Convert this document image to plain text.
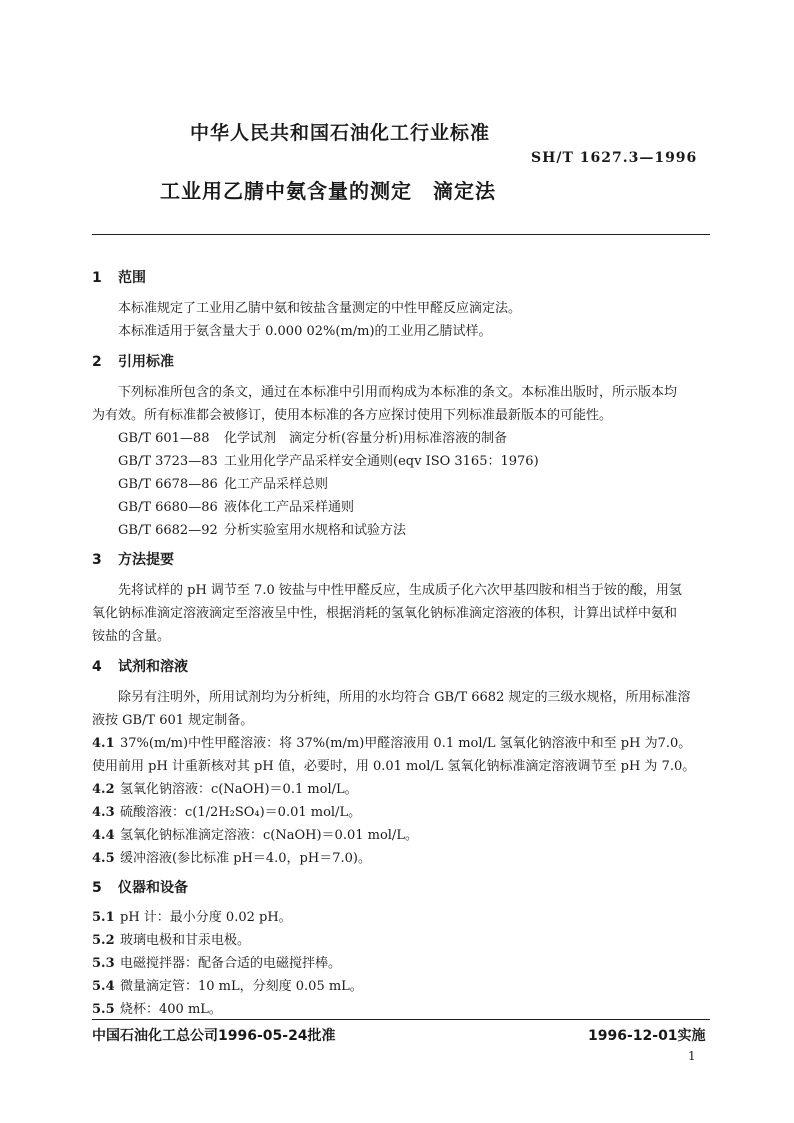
中华人民共和国石油化工行业标准
SH/T 1627.3—1996
工业用乙腈中氨含量的测定　滴定法
1 范围
本标准规定了工业用乙腈中氨和铵盐含量测定的中性甲醛反应滴定法。
本标准适用于氨含量大于 0.000 02%(m/m)的工业用乙腈试样。
2 引用标准
下列标准所包含的条文，通过在本标准中引用而构成为本标准的条文。本标准出版时，所示版本均
为有效。所有标准都会被修订，使用本标准的各方应探讨使用下列标准最新版本的可能性。
GB/T 601—88 化学试剂　滴定分析(容量分析)用标准溶液的制备
GB/T 3723—83 工业用化学产品采样安全通则(eqv ISO 3165：1976)
GB/T 6678—86 化工产品采样总则
GB/T 6680—86 液体化工产品采样通则
GB/T 6682—92 分析实验室用水规格和试验方法
3 方法提要
先将试样的 pH 调节至 7.0 铵盐与中性甲醛反应，生成质子化六次甲基四胺和相当于铵的酸，用氢
氧化钠标准滴定溶液滴定至溶液呈中性，根据消耗的氢氧化钠标准滴定溶液的体积，计算出试样中氨和
铵盐的含量。
4 试剂和溶液
除另有注明外，所用试剂均为分析纯，所用的水均符合 GB/T 6682 规定的三级水规格，所用标准溶
液按 GB/T 601 规定制备。
4.1 37%(m/m)中性甲醛溶液：将 37%(m/m)甲醛溶液用 0.1 mol/L 氢氧化钠溶液中和至 pH 为7.0。
使用前用 pH 计重新核对其 pH 值，必要时，用 0.01 mol/L 氢氧化钠标准滴定溶液调节至 pH 为 7.0。
4.2 氢氧化钠溶液：c(NaOH)＝0.1 mol/L。
4.3 硫酸溶液：c(1/2H₂SO₄)＝0.01 mol/L。
4.4 氢氧化钠标准滴定溶液：c(NaOH)＝0.01 mol/L。
4.5 缓冲溶液(参比标准 pH＝4.0，pH＝7.0)。
5 仪器和设备
5.1 pH 计：最小分度 0.02 pH。
5.2 玻璃电极和甘汞电极。
5.3 电磁搅拌器：配备合适的电磁搅拌棒。
5.4 微量滴定管：10 mL，分刻度 0.05 mL。
5.5 烧杯：400 mL。
中国石油化工总公司1996-05-24批准	1996-12-01实施
1
